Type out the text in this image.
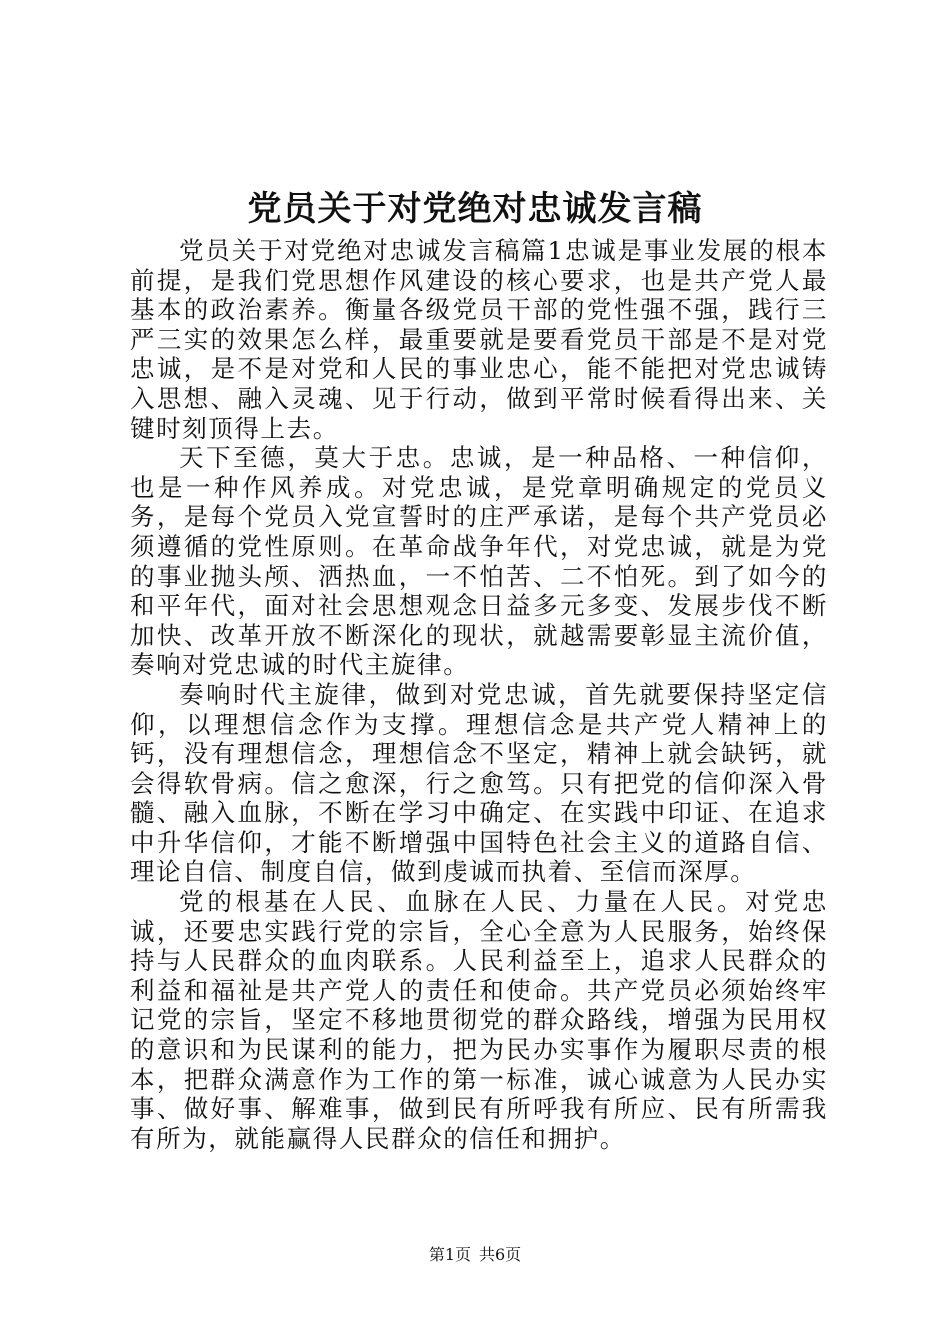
党员关于对党绝对忠诚发言稿

党员关于对党绝对忠诚发言稿篇1忠诚是事业发展的根本前提，是我们党思想作风建设的核心要求，也是共产党人最基本的政治素养。衡量各级党员干部的党性强不强，践行三严三实的效果怎么样，最重要就是要看党员干部是不是对党忠诚，是不是对党和人民的事业忠心，能不能把对党忠诚铸入思想、融入灵魂、见于行动，做到平常时候看得出来、关键时刻顶得上去。

天下至德，莫大于忠。忠诚，是一种品格、一种信仰，也是一种作风养成。对党忠诚，是党章明确规定的党员义务，是每个党员入党宣誓时的庄严承诺，是每个共产党员必须遵循的党性原则。在革命战争年代，对党忠诚，就是为党的事业抛头颅、洒热血，一不怕苦、二不怕死。到了如今的和平年代，面对社会思想观念日益多元多变、发展步伐不断加快、改革开放不断深化的现状，就越需要彰显主流价值，奏响对党忠诚的时代主旋律。

奏响时代主旋律，做到对党忠诚，首先就要保持坚定信仰，以理想信念作为支撑。理想信念是共产党人精神上的钙，没有理想信念，理想信念不坚定，精神上就会缺钙，就会得软骨病。信之愈深，行之愈笃。只有把党的信仰深入骨髓、融入血脉，不断在学习中确定、在实践中印证、在追求中升华信仰，才能不断增强中国特色社会主义的道路自信、理论自信、制度自信，做到虔诚而执着、至信而深厚。

党的根基在人民、血脉在人民、力量在人民。对党忠诚，还要忠实践行党的宗旨，全心全意为人民服务，始终保持与人民群众的血肉联系。人民利益至上，追求人民群众的利益和福祉是共产党人的责任和使命。共产党员必须始终牢记党的宗旨，坚定不移地贯彻党的群众路线，增强为民用权的意识和为民谋利的能力，把为民办实事作为履职尽责的根本，把群众满意作为工作的第一标准，诚心诚意为人民办实事、做好事、解难事，做到民有所呼我有所应、民有所需我有所为，就能赢得人民群众的信任和拥护。

第1页 共6页
